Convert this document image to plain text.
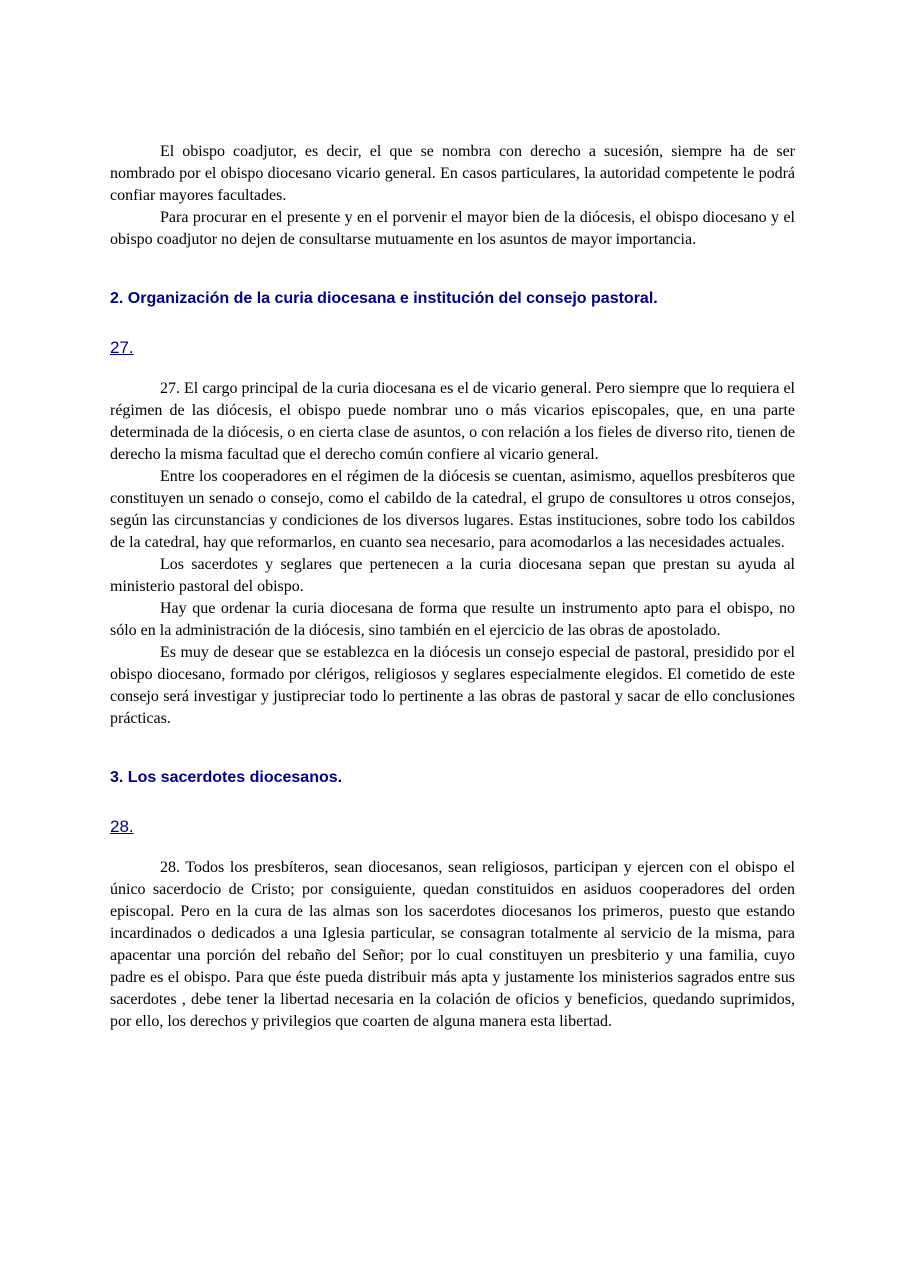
El obispo coadjutor, es decir, el que se nombra con derecho a sucesión, siempre ha de ser nombrado por el obispo diocesano vicario general. En casos particulares, la autoridad competente le podrá confiar mayores facultades.

Para procurar en el presente y en el porvenir el mayor bien de la diócesis, el obispo diocesano y el obispo coadjutor no dejen de consultarse mutuamente en los asuntos de mayor importancia.

2. Organización de la curia diocesana e institución del consejo pastoral.

27.

27. El cargo principal de la curia diocesana es el de vicario general. Pero siempre que lo requiera el régimen de las diócesis, el obispo puede nombrar uno o más vicarios episcopales, que, en una parte determinada de la diócesis, o en cierta clase de asuntos, o con relación a los fieles de diverso rito, tienen de derecho la misma facultad que el derecho común confiere al vicario general.

Entre los cooperadores en el régimen de la diócesis se cuentan, asimismo, aquellos presbíteros que constituyen un senado o consejo, como el cabildo de la catedral, el grupo de consultores u otros consejos, según las circunstancias y condiciones de los diversos lugares. Estas instituciones, sobre todo los cabildos de la catedral, hay que reformarlos, en cuanto sea necesario, para acomodarlos a las necesidades actuales.

Los sacerdotes y seglares que pertenecen a la curia diocesana sepan que prestan su ayuda al ministerio pastoral del obispo.

Hay que ordenar la curia diocesana de forma que resulte un instrumento apto para el obispo, no sólo en la administración de la diócesis, sino también en el ejercicio de las obras de apostolado.

Es muy de desear que se establezca en la diócesis un consejo especial de pastoral, presidido por el obispo diocesano, formado por clérigos, religiosos y seglares especialmente elegidos. El cometido de este consejo será investigar y justipreciar todo lo pertinente a las obras de pastoral y sacar de ello conclusiones prácticas.

3. Los sacerdotes diocesanos.

28.

28. Todos los presbíteros, sean diocesanos, sean religiosos, participan y ejercen con el obispo el único sacerdocio de Cristo; por consiguiente, quedan constituidos en asiduos cooperadores del orden episcopal. Pero en la cura de las almas son los sacerdotes diocesanos los primeros, puesto que estando incardinados o dedicados a una Iglesia particular, se consagran totalmente al servicio de la misma, para apacentar una porción del rebaño del Señor; por lo cual constituyen un presbiterio y una familia, cuyo padre es el obispo. Para que éste pueda distribuir más apta y justamente los ministerios sagrados entre sus sacerdotes , debe tener la libertad necesaria en la colación de oficios y beneficios, quedando suprimidos, por ello, los derechos y privilegios que coarten de alguna manera esta libertad.
